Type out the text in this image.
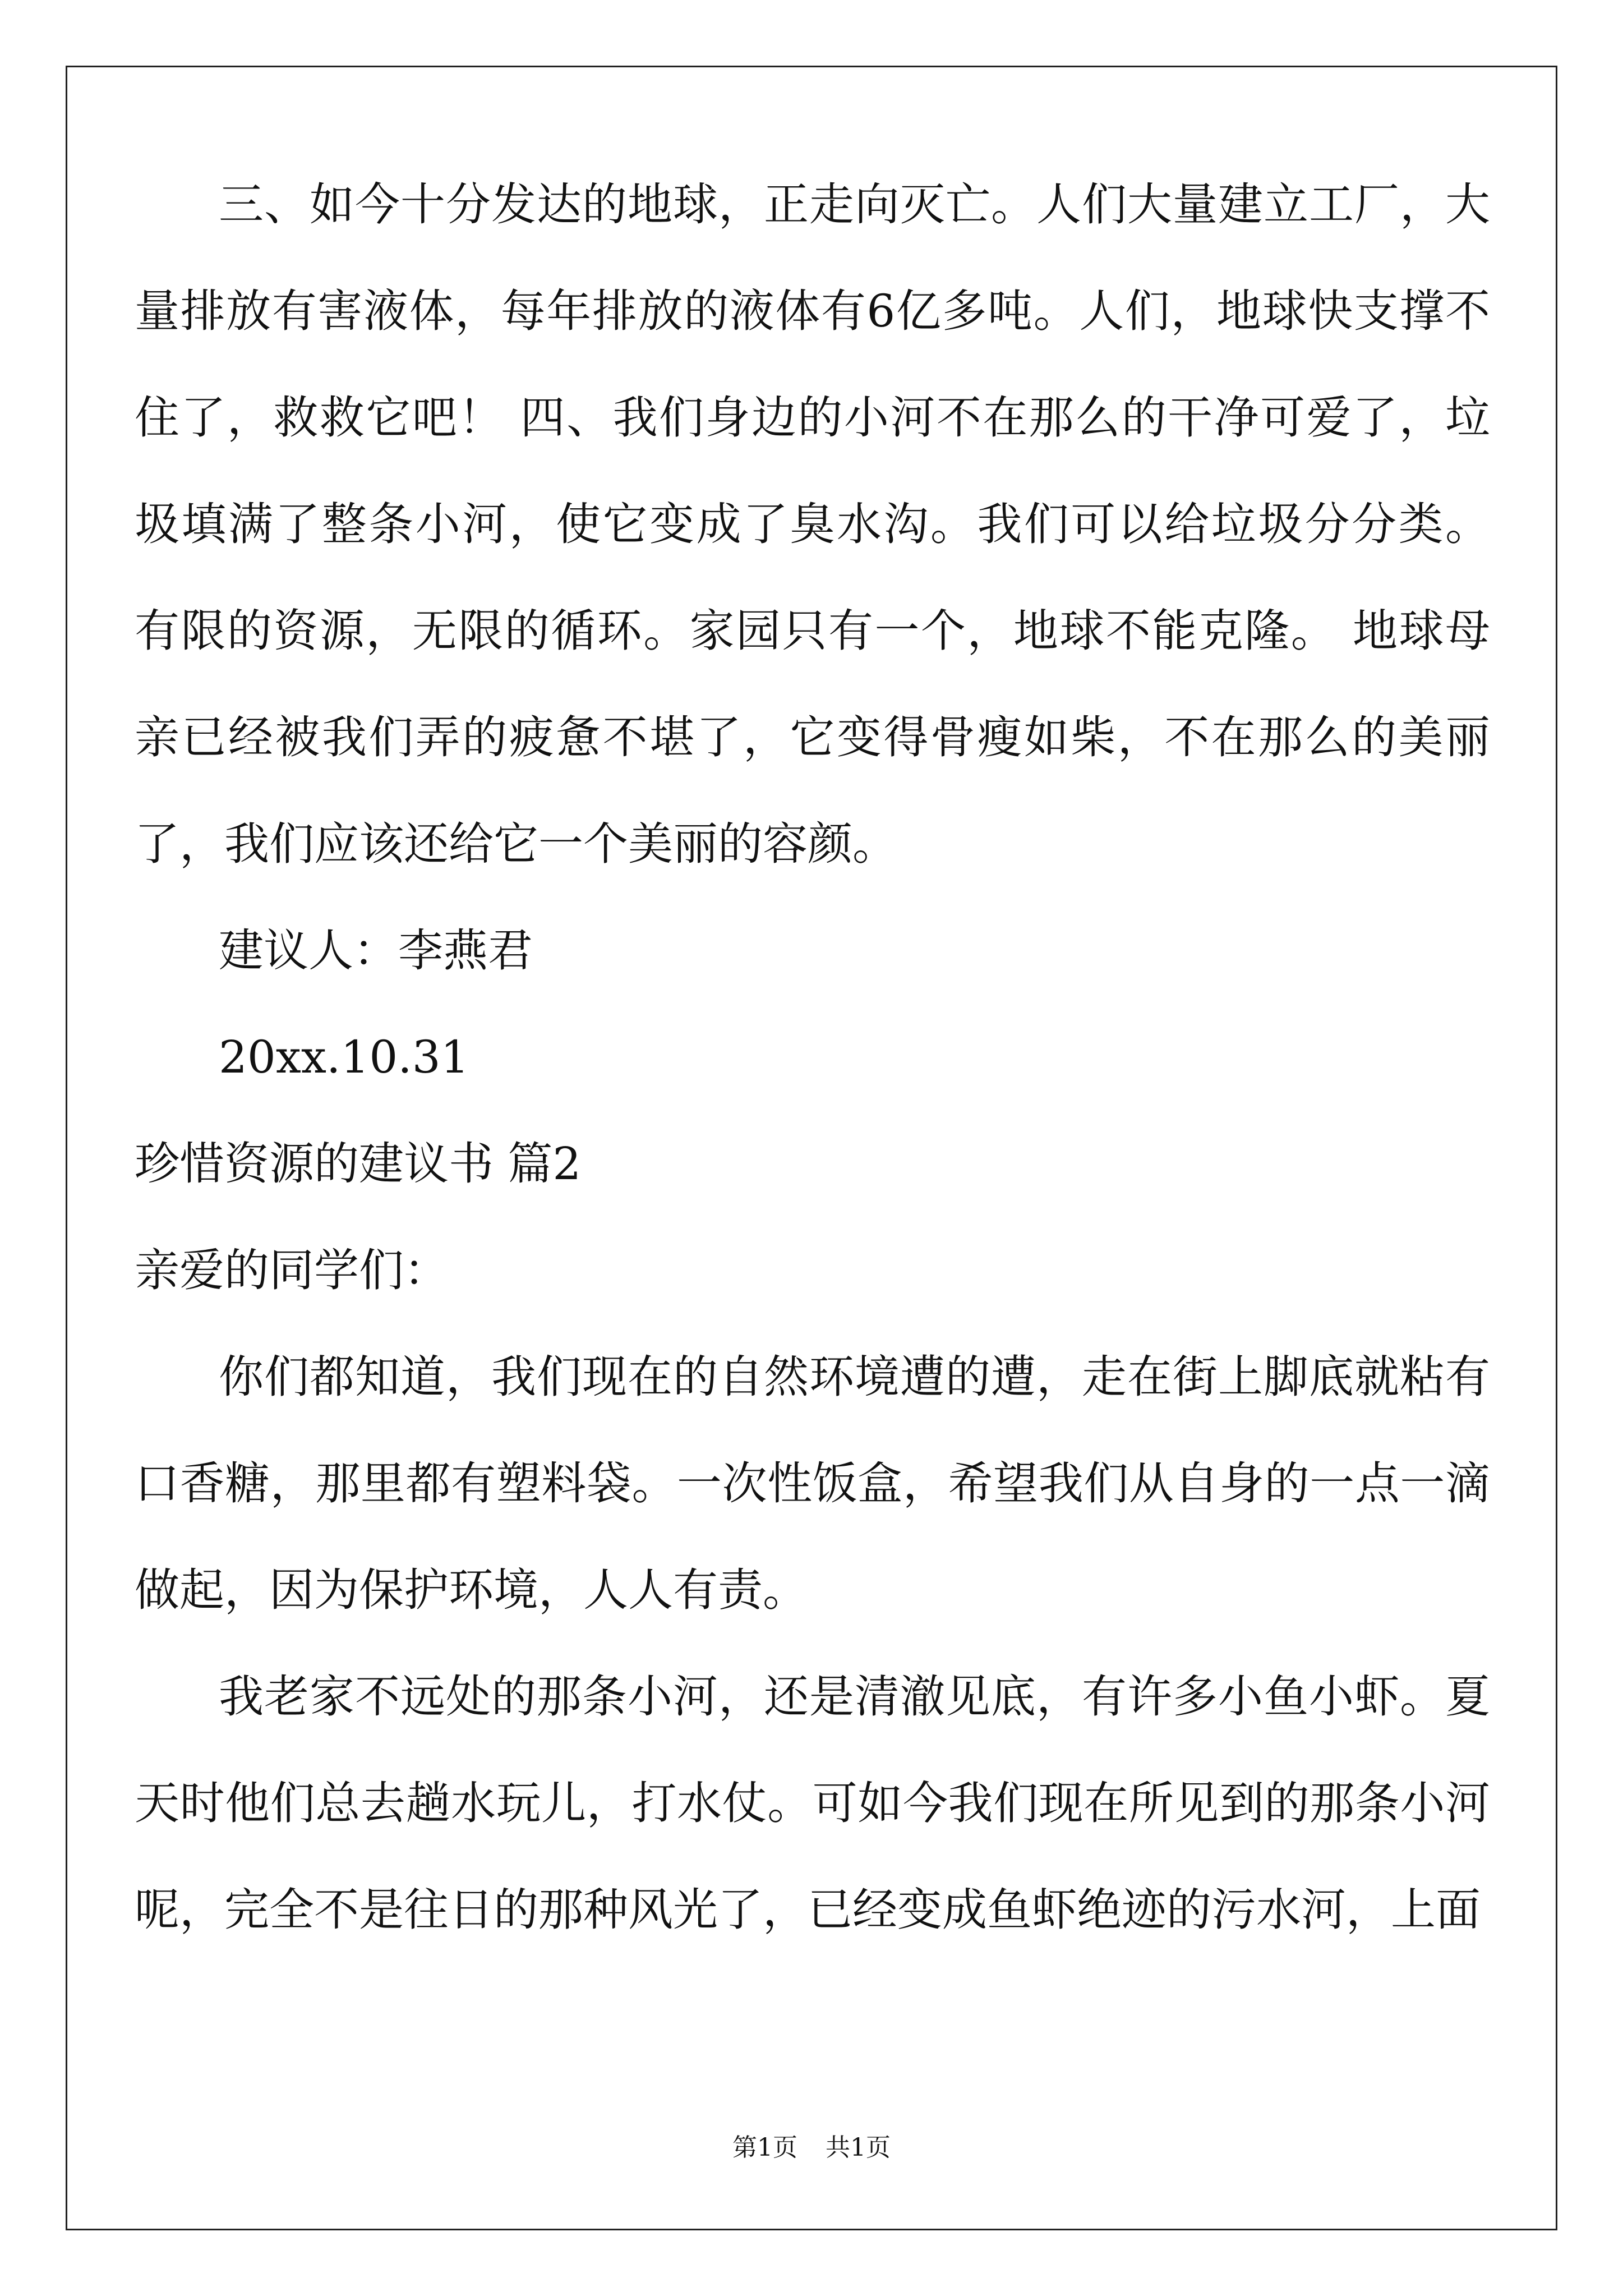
三、如今十分发达的地球，正走向灭亡。人们大量建立工厂，大量排放有害液体，每年排放的液体有6亿多吨。人们，地球快支撑不住了，救救它吧！ 四、我们身边的小河不在那么的干净可爱了，垃圾填满了整条小河，使它变成了臭水沟。我们可以给垃圾分分类。 有限的资源，无限的循环。家园只有一个，地球不能克隆。 地球母亲已经被我们弄的疲惫不堪了，它变得骨瘦如柴，不在那么的美丽了，我们应该还给它一个美丽的容颜。

建议人：李燕君

20xx.10.31

珍惜资源的建议书 篇2

亲爱的同学们：

你们都知道，我们现在的自然环境遭的遭，走在街上脚底就粘有口香糖，那里都有塑料袋。一次性饭盒，希望我们从自身的一点一滴做起，因为保护环境，人人有责。

我老家不远处的那条小河，还是清澈见底，有许多小鱼小虾。夏天时他们总去趟水玩儿，打水仗。可如今我们现在所见到的那条小河呢，完全不是往日的那种风光了，已经变成鱼虾绝迹的污水河，上面

第1页 共1页
